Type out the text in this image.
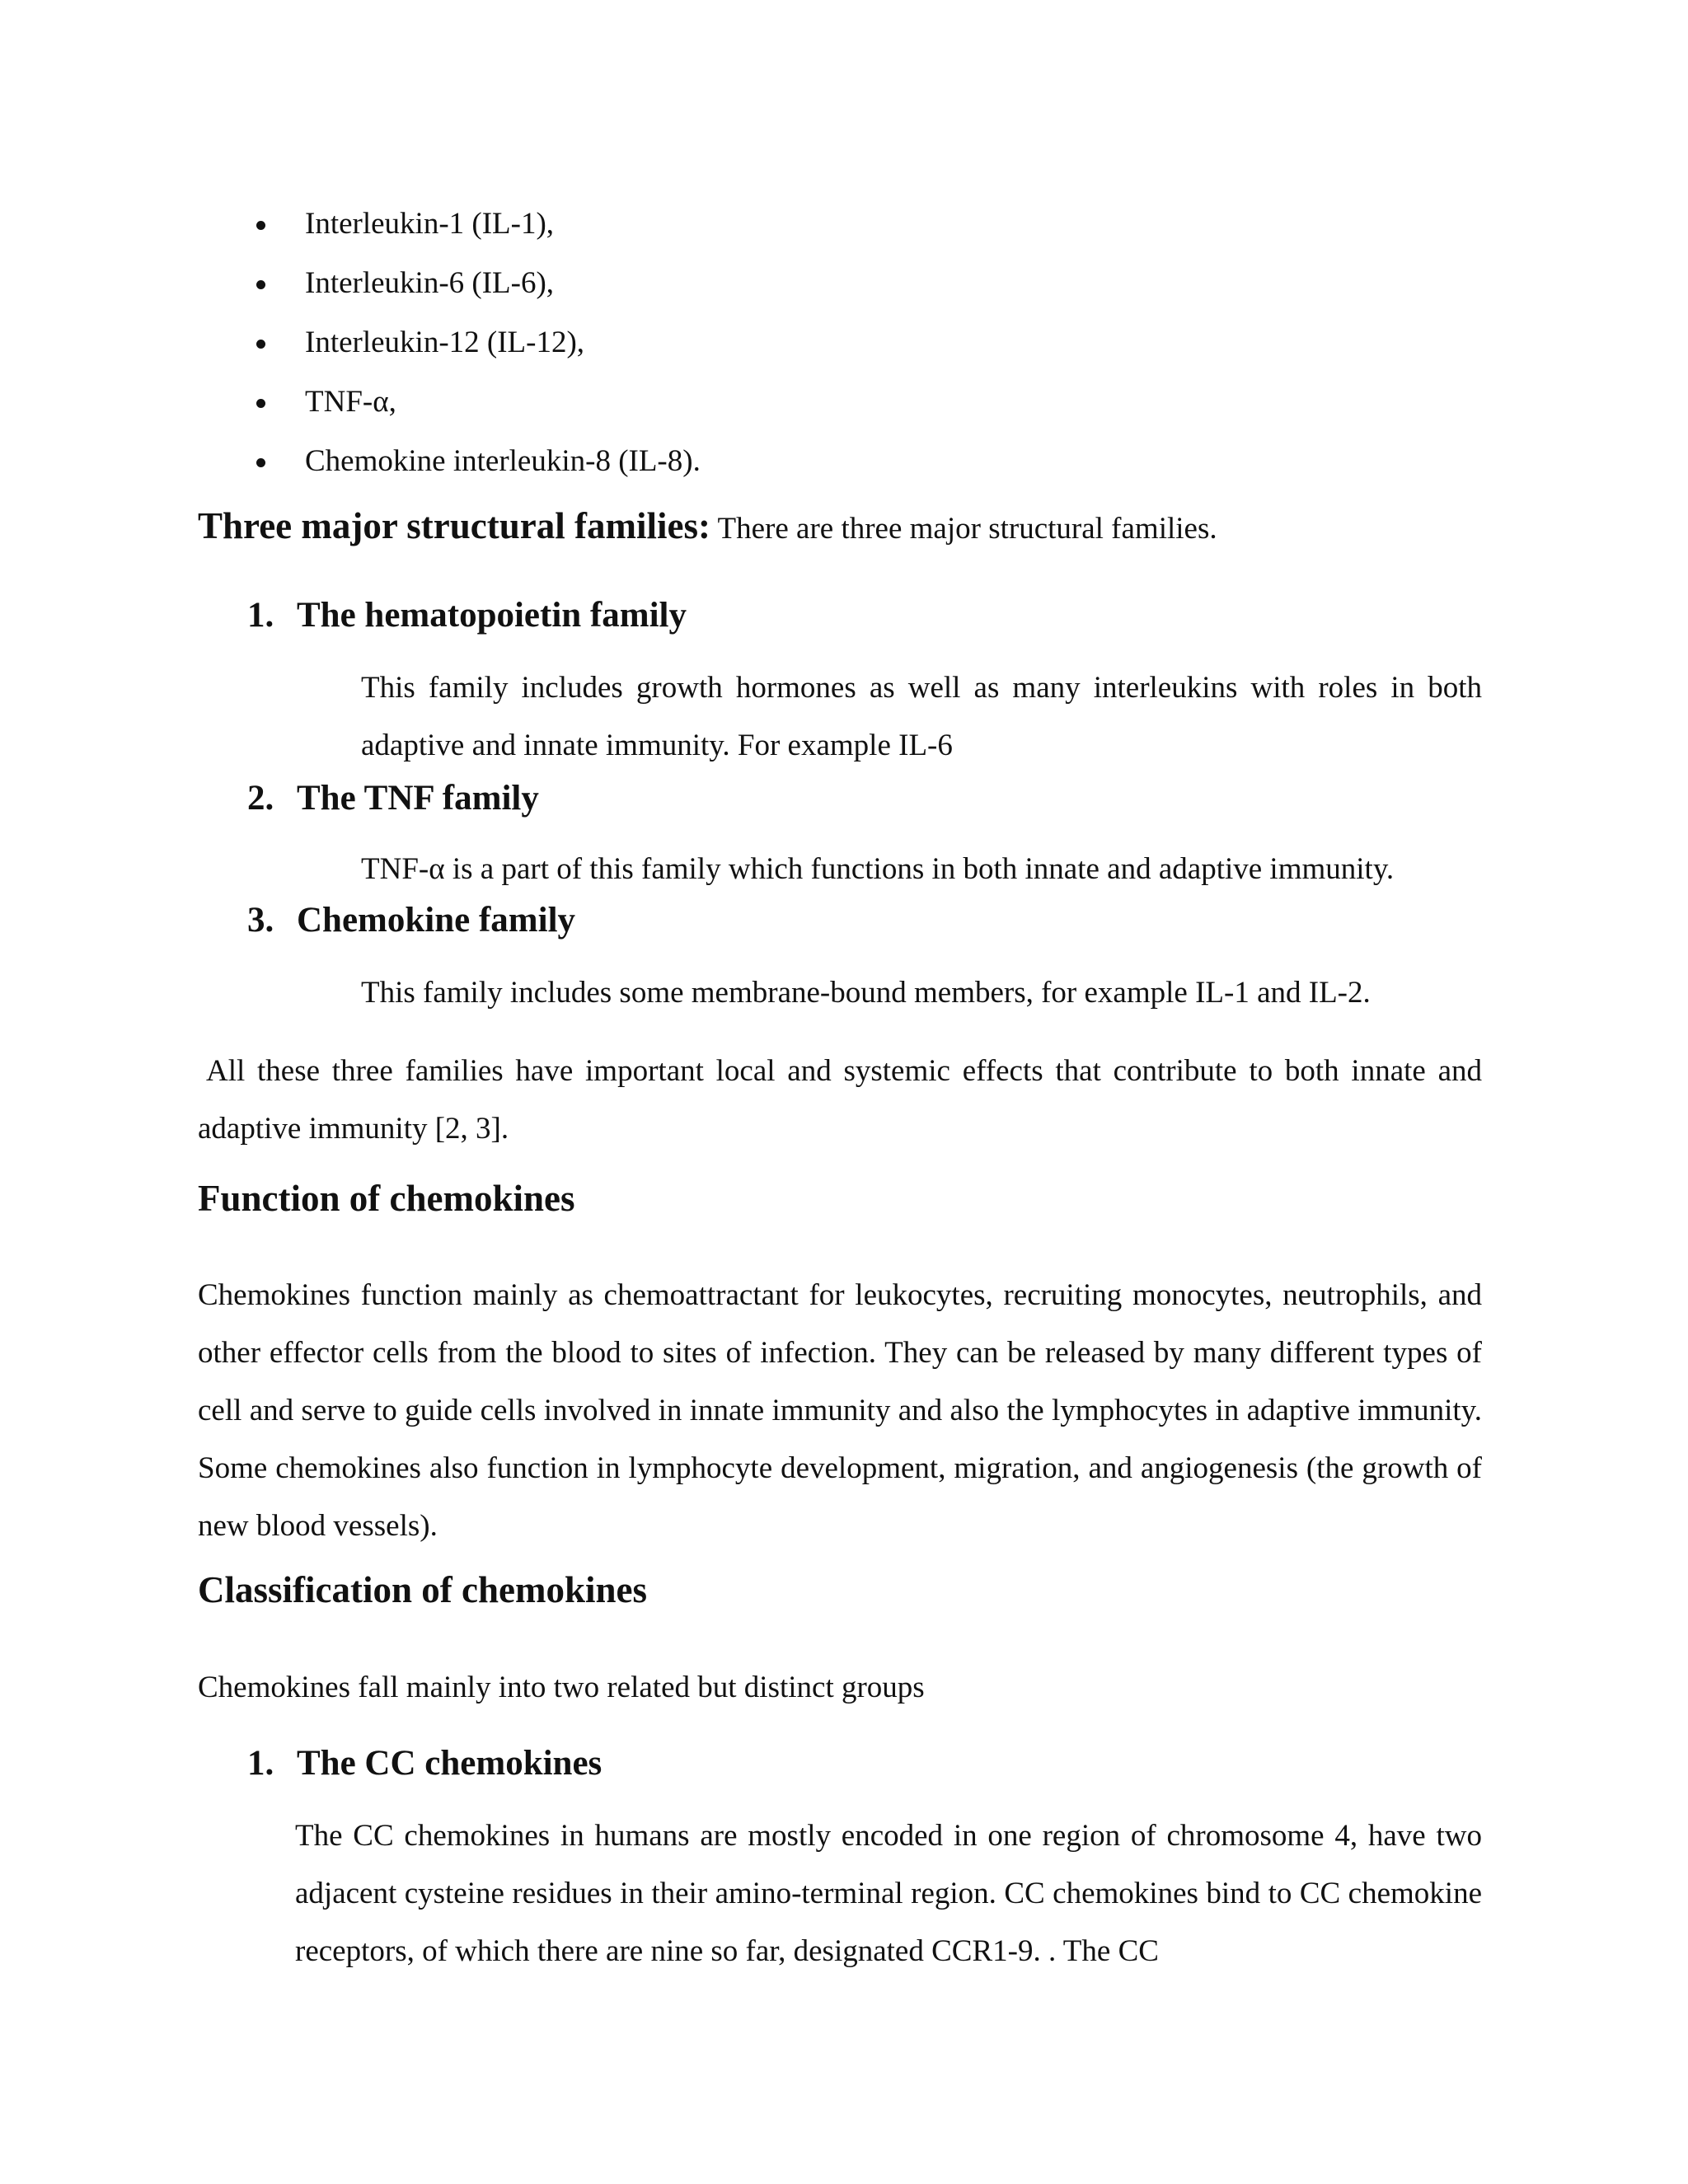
Interleukin-1 (IL-1),
Interleukin-6 (IL-6),
Interleukin-12 (IL-12),
TNF-α,
Chemokine interleukin-8 (IL-8).
Three major structural families: There are three major structural families.
1. The hematopoietin family
This family includes growth hormones as well as many interleukins with roles in both adaptive and innate immunity. For example IL-6
2. The TNF family
TNF-α is a part of this family which functions in both innate and adaptive immunity.
3. Chemokine family
This family includes some membrane-bound members, for example IL-1 and IL-2.
All these three families have important local and systemic effects that contribute to both innate and adaptive immunity [2, 3].
Function of chemokines
Chemokines function mainly as chemoattractant for leukocytes, recruiting monocytes, neutrophils, and other effector cells from the blood to sites of infection. They can be released by many different types of cell and serve to guide cells involved in innate immunity and also the lymphocytes in adaptive immunity. Some chemokines also function in lymphocyte development, migration, and angiogenesis (the growth of new blood vessels).
Classification of chemokines
Chemokines fall mainly into two related but distinct groups
1. The CC chemokines
The CC chemokines in humans are mostly encoded in one region of chromosome 4, have two adjacent cysteine residues in their amino-terminal region. CC chemokines bind to CC chemokine receptors, of which there are nine so far, designated CCR1-9. . The CC
